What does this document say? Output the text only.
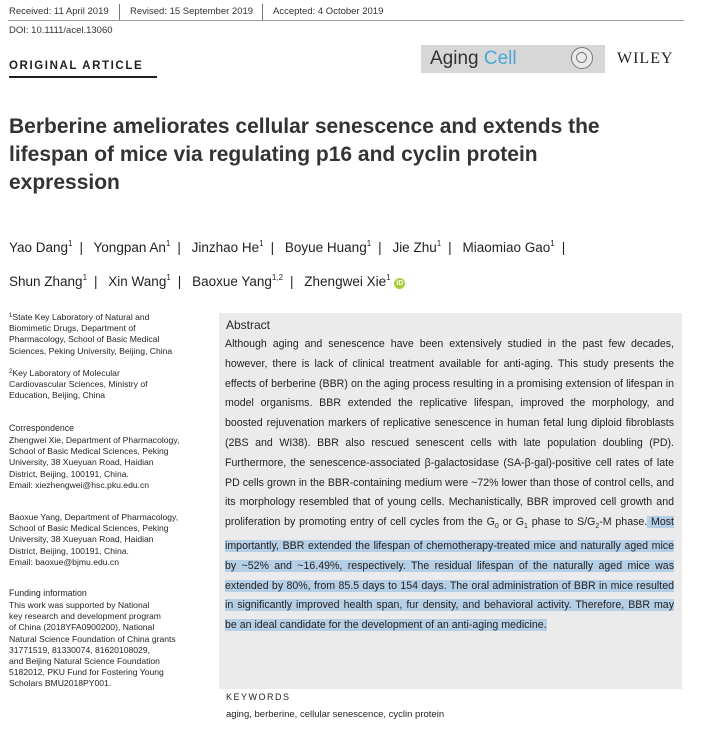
Received: 11 April 2019 Revised: 15 September 2019 Accepted: 4 October 2019
DOI: 10.1111/acel.13060
ORIGINAL ARTICLE	Aging Cell	WILEY
Berberine ameliorates cellular senescence and extends the lifespan of mice via regulating p16 and cyclin protein expression
Yao Dang$^1$ | Yongpan An$^1$ | Jinzhao He$^1$ | Boyue Huang$^1$ | Jie Zhu$^1$ | Miaomiao Gao$^1$ |
Shun Zhang$^1$ | Xin Wang$^1$ | Baoxue Yang$^{1,2}$ | Zhengwei Xie$^1$ iD
$^1$State Key Laboratory of Natural and
Biomimetic Drugs, Department of
Pharmacology, School of Basic Medical
Sciences, Peking University, Beijing, China
$^2$Key Laboratory of Molecular
Cardiovascular Sciences, Ministry of
Education, Beijing, China
Correspondence
Zhengwei Xie, Department of Pharmacology,
School of Basic Medical Sciences, Peking
University, 38 Xueyuan Road, Haidian
District, Beijing, 100191, China.
Email: xiezhengwei@hsc.pku.edu.cn
Baoxue Yang, Department of Pharmacology,
School of Basic Medical Sciences, Peking
University, 38 Xueyuan Road, Haidian
District, Beijing, 100191, China.
Email: baoxue@bjmu.edu.cn
Funding information
This work was supported by National
key research and development program
of China (2018YFA0900200), National
Natural Science Foundation of China grants
31771519, 81330074, 81620108029,
and Beijing Natural Science Foundation
5182012, PKU Fund for Fostering Young
Scholars BMU2018PY001.
Abstract
Although aging and senescence have been extensively studied in the past few decades, however, there is lack of clinical treatment available for anti-aging. This study presents the effects of berberine (BBR) on the aging process resulting in a promising extension of lifespan in model organisms. BBR extended the replicative lifespan, improved the morphology, and boosted rejuvenation markers of replicative senescence in human fetal lung diploid fibroblasts (2BS and WI38). BBR also rescued senescent cells with late population doubling (PD). Furthermore, the senescence-associated β-galactosidase (SA-β-gal)-positive cell rates of late PD cells grown in the BBR-containing medium were ~72% lower than those of control cells, and its morphology resembled that of young cells. Mechanistically, BBR improved cell growth and proliferation by promoting entry of cell cycles from the $G_0$ or $G_1$ phase to $S/G_2-M$ phase. Most importantly, BBR extended the lifespan of chemotherapy-treated mice and naturally aged mice by ~52% and ~16.49%, respectively. The residual lifespan of the naturally aged mice was extended by 80%, from 85.5 days to 154 days. The oral administration of BBR in mice resulted in significantly improved health span, fur density, and behavioral activity. Therefore, BBR may be an ideal candidate for the development of an anti-aging medicine.
KEYWORDS
aging, berberine, cellular senescence, cyclin protein
